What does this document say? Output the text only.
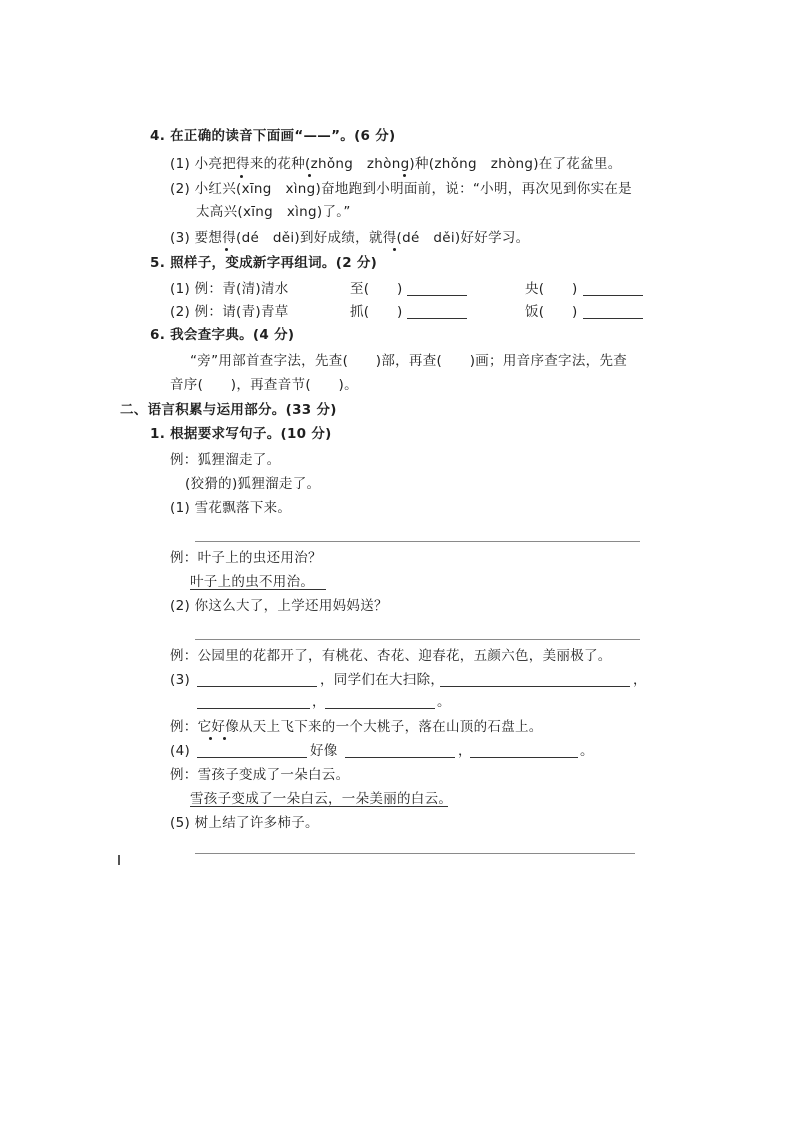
4. 在正确的读音下面画“——”。(6 分)
(1) 小亮把得来的花种(zhǒng　zhòng)种(zhǒng　zhòng)在了花盆里。
(2) 小红兴(xīng　xìng)奋地跑到小明面前，说：“小明，再次见到你实在是
太高兴(xīng　xìng)了。”
(3) 要想得(dé　děi)到好成绩，就得(dé　děi)好好学习。
5. 照样子，变成新字再组词。(2 分)
(1) 例：青(清)清水	至(　　)	央(　　)
(2) 例：请(青)青草	抓(　　)	饭(　　)
6. 我会查字典。(4 分)
“旁”用部首查字法，先查(　　)部，再查(　　)画；用音序查字法，先查
音序(　　)，再查音节(　　)。
二、语言积累与运用部分。(33 分)
1. 根据要求写句子。(10 分)
例：狐狸溜走了。
(狡猾的)狐狸溜走了。
(1) 雪花飘落下来。
例：叶子上的虫还用治？
叶子上的虫不用治。
(2) 你这么大了，上学还用妈妈送？
例：公园里的花都开了，有桃花、杏花、迎春花，五颜六色，美丽极了。
(3)	，同学们在大扫除，	，
，	。
例：它好像从天上飞下来的一个大桃子，落在山顶的石盘上。
(4)	好像	，	。
例：雪孩子变成了一朵白云。
雪孩子变成了一朵白云，一朵美丽的白云。
(5) 树上结了许多柿子。
